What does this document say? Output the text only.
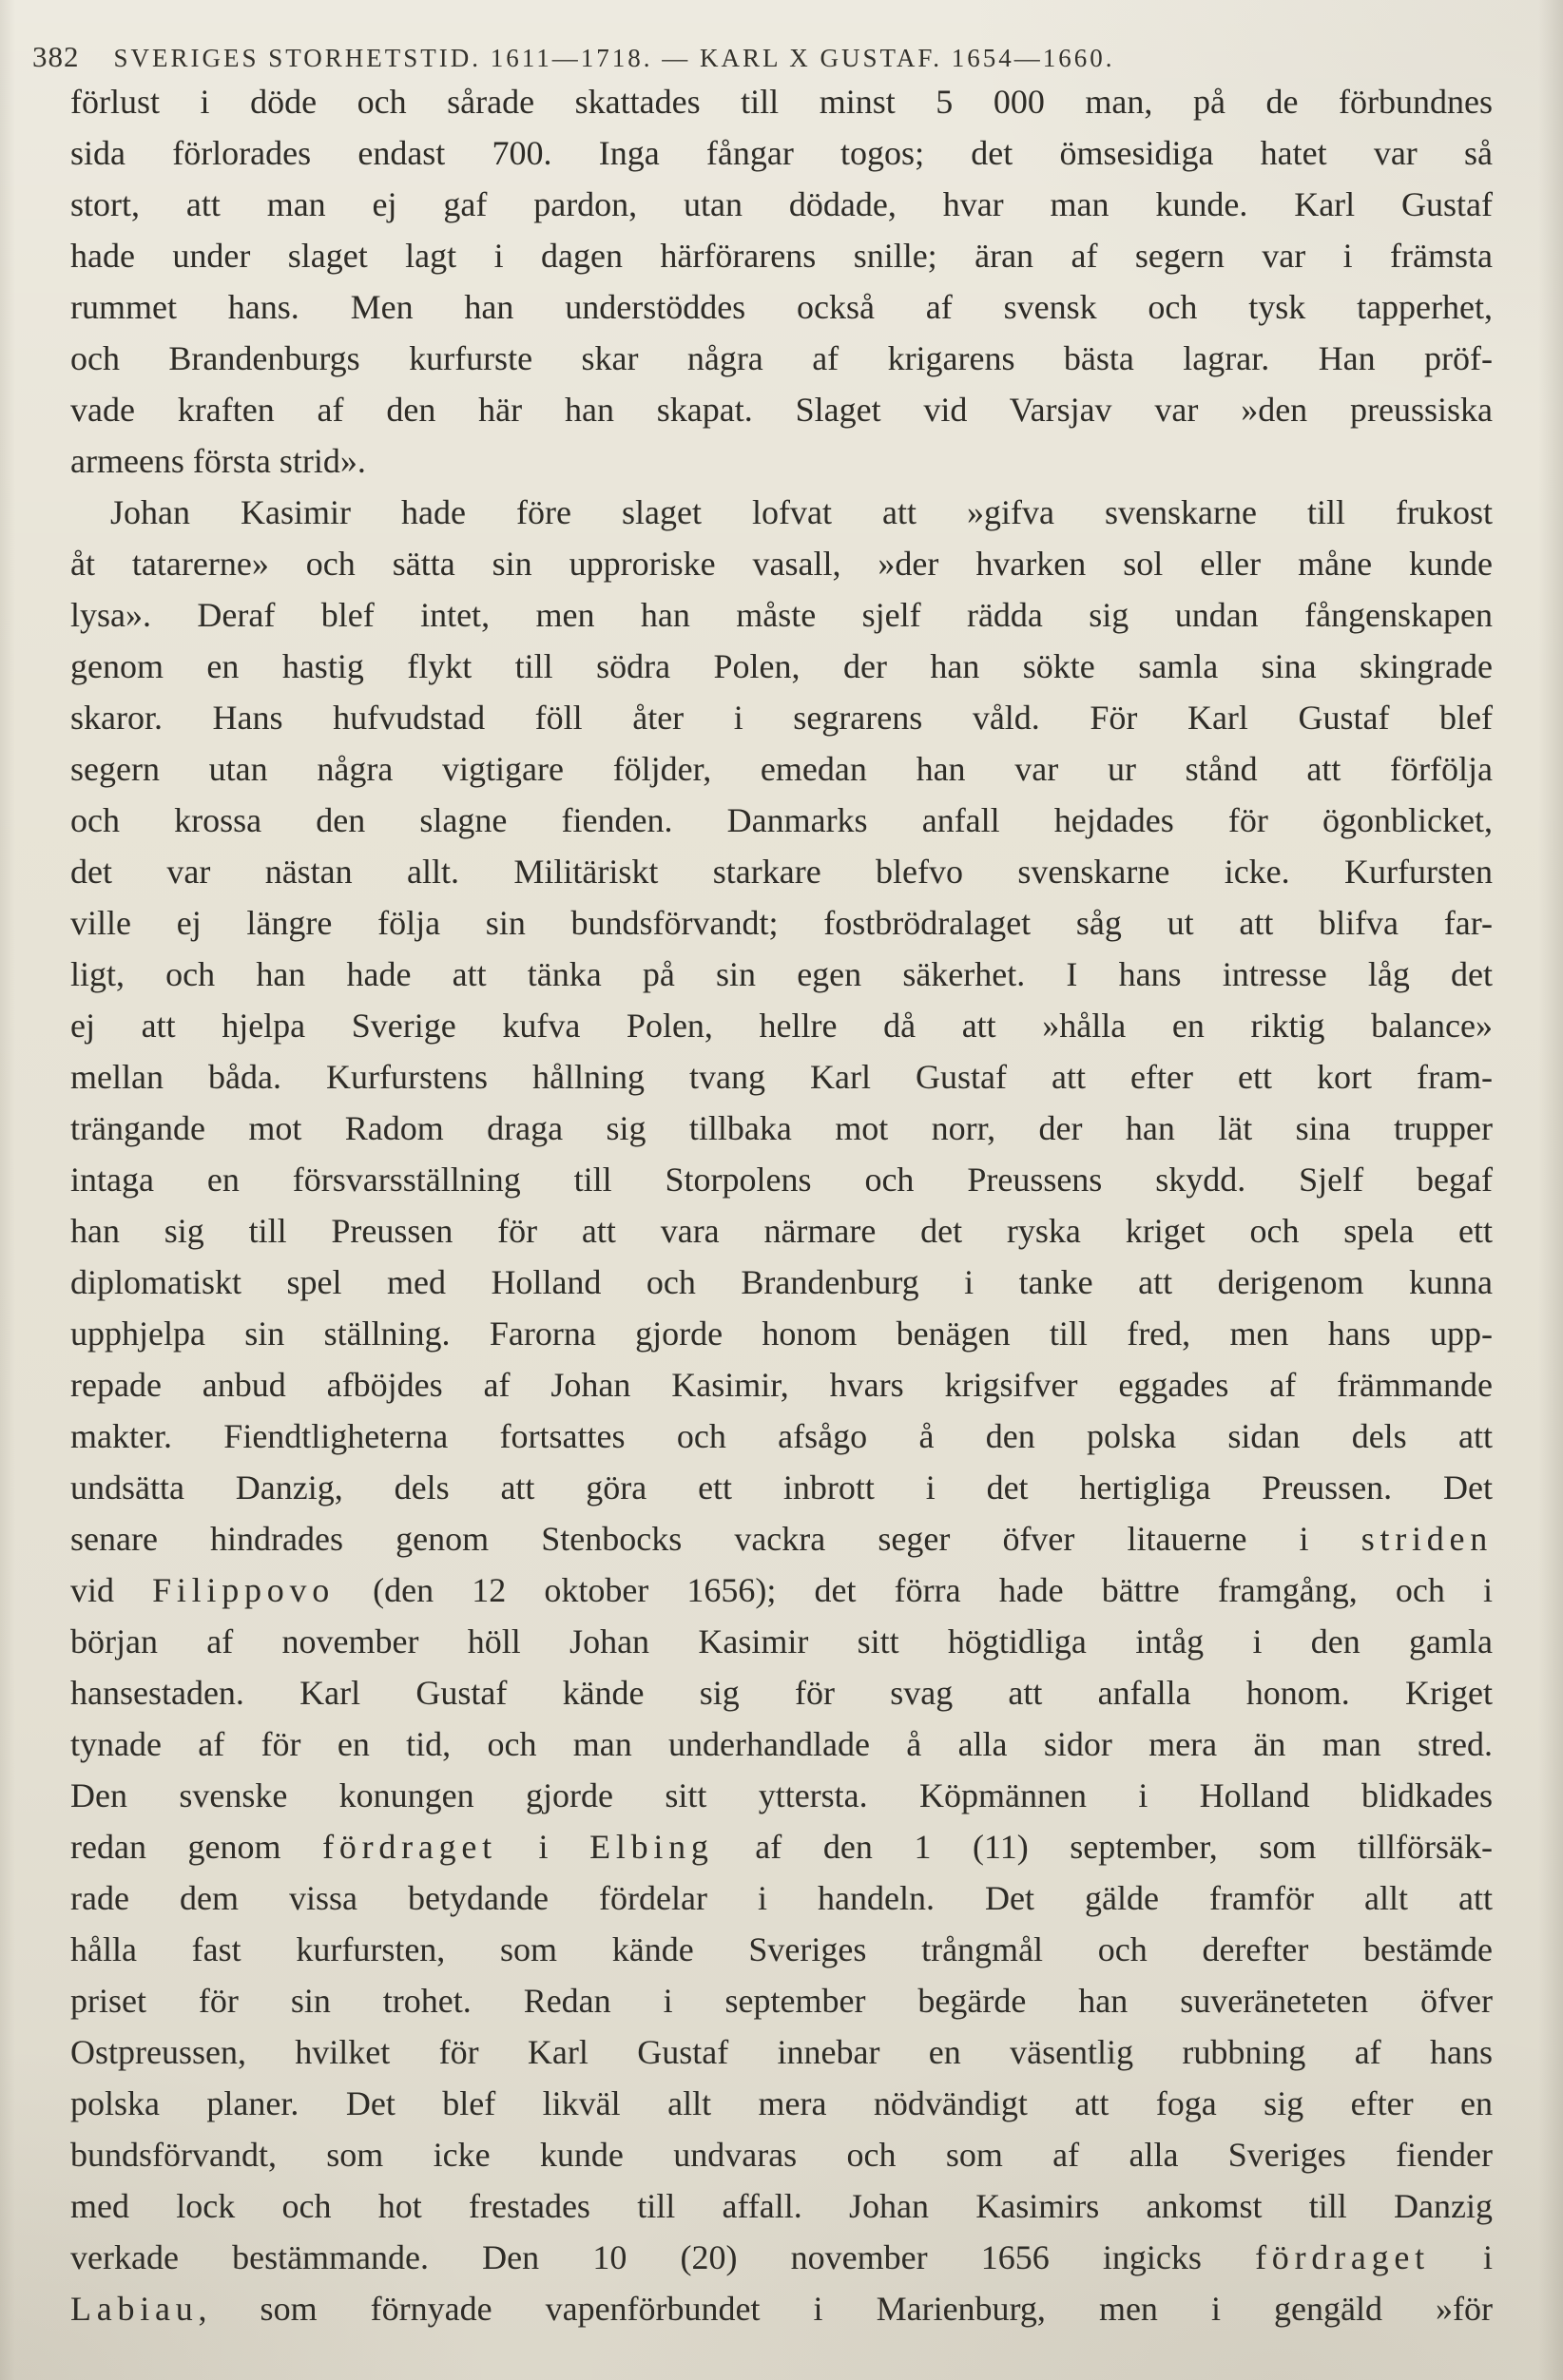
382 SVERIGES STORHETSTID. 1611—1718. — KARL X GUSTAF. 1654—1660.
förlust i döde och sårade skattades till minst 5 000 man, på de förbundnes
sida förlorades endast 700. Inga fångar togos; det ömsesidiga hatet var så
stort, att man ej gaf pardon, utan dödade, hvar man kunde. Karl Gustaf
hade under slaget lagt i dagen härförarens snille; äran af segern var i främsta
rummet hans. Men han understöddes också af svensk och tysk tapperhet,
och Brandenburgs kurfurste skar några af krigarens bästa lagrar. Han pröf-
vade kraften af den här han skapat. Slaget vid Varsjav var »den preussiska
armeens första strid».
Johan Kasimir hade före slaget lofvat att »gifva svenskarne till frukost
åt tatarerne» och sätta sin upproriske vasall, »der hvarken sol eller måne kunde
lysa». Deraf blef intet, men han måste sjelf rädda sig undan fångenskapen
genom en hastig flykt till södra Polen, der han sökte samla sina skingrade
skaror. Hans hufvudstad föll åter i segrarens våld. För Karl Gustaf blef
segern utan några vigtigare följder, emedan han var ur stånd att förfölja
och krossa den slagne fienden. Danmarks anfall hejdades för ögonblicket,
det var nästan allt. Militäriskt starkare blefvo svenskarne icke. Kurfursten
ville ej längre följa sin bundsförvandt; fostbrödralaget såg ut att blifva far-
ligt, och han hade att tänka på sin egen säkerhet. I hans intresse låg det
ej att hjelpa Sverige kufva Polen, hellre då att »hålla en riktig balance»
mellan båda. Kurfurstens hållning tvang Karl Gustaf att efter ett kort fram-
trängande mot Radom draga sig tillbaka mot norr, der han lät sina trupper
intaga en försvarsställning till Storpolens och Preussens skydd. Sjelf begaf
han sig till Preussen för att vara närmare det ryska kriget och spela ett
diplomatiskt spel med Holland och Brandenburg i tanke att derigenom kunna
upphjelpa sin ställning. Farorna gjorde honom benägen till fred, men hans upp-
repade anbud afböjdes af Johan Kasimir, hvars krigsifver eggades af främmande
makter. Fiendtligheterna fortsattes och afsågo å den polska sidan dels att
undsätta Danzig, dels att göra ett inbrott i det hertigliga Preussen. Det
senare hindrades genom Stenbocks vackra seger öfver litauerne i striden
vid Filippovo (den 12 oktober 1656); det förra hade bättre framgång, och i
början af november höll Johan Kasimir sitt högtidliga intåg i den gamla
hansestaden. Karl Gustaf kände sig för svag att anfalla honom. Kriget
tynade af för en tid, och man underhandlade å alla sidor mera än man stred.
Den svenske konungen gjorde sitt yttersta. Köpmännen i Holland blidkades
redan genom fördraget i Elbing af den 1 (11) september, som tillförsäk-
rade dem vissa betydande fördelar i handeln. Det gälde framför allt att
hålla fast kurfursten, som kände Sveriges trångmål och derefter bestämde
priset för sin trohet. Redan i september begärde han suveräneteten öfver
Ostpreussen, hvilket för Karl Gustaf innebar en väsentlig rubbning af hans
polska planer. Det blef likväl allt mera nödvändigt att foga sig efter en
bundsförvandt, som icke kunde undvaras och som af alla Sveriges fiender
med lock och hot frestades till affall. Johan Kasimirs ankomst till Danzig
verkade bestämmande. Den 10 (20) november 1656 ingicks fördraget i
Labiau, som förnyade vapenförbundet i Marienburg, men i gengäld »för
